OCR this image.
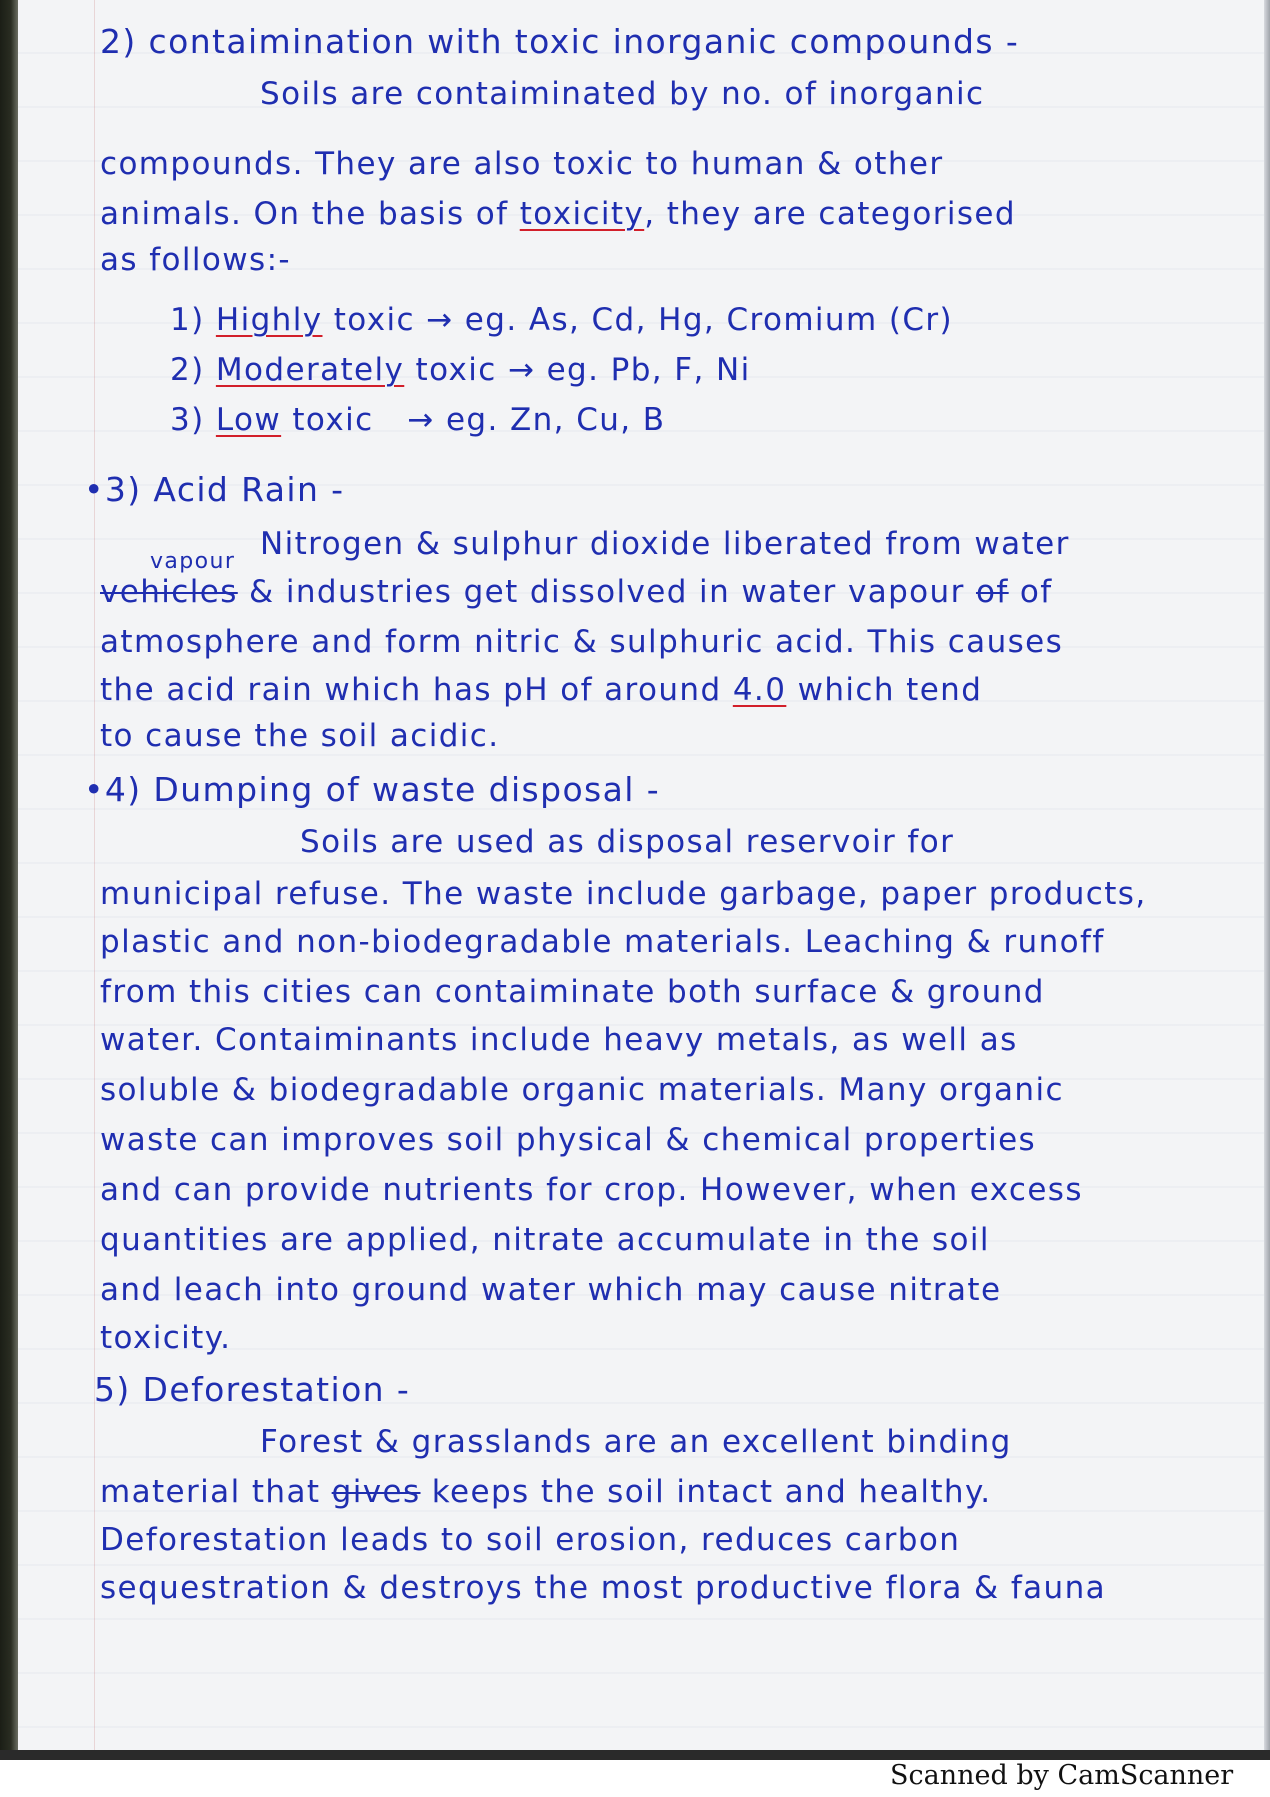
2) contaimination with toxic inorganic compounds -
Soils are contaiminated by no. of inorganic
compounds. They are also toxic to human & other
animals. On the basis of toxicity, they are categorised
as follows:-
1) Highly toxic → eg. As, Cd, Hg, Cromium (Cr)
2) Moderately toxic → eg. Pb, F, Ni
3) Low toxic   → eg. Zn, Cu, B
•3) Acid Rain -
Nitrogen & sulphur dioxide liberated from water
vapour
vehicles & industries get dissolved in water vapour of of
atmosphere and form nitric & sulphuric acid. This causes
the acid rain which has pH of around 4.0 which tend
to cause the soil acidic.
•4) Dumping of waste disposal -
Soils are used as disposal reservoir for
municipal refuse. The waste include garbage, paper products,
plastic and non-biodegradable materials. Leaching & runoff
from this cities can contaiminate both surface & ground
water. Contaiminants include heavy metals, as well as
soluble & biodegradable organic materials. Many organic
waste can improves soil physical & chemical properties
and can provide nutrients for crop. However, when excess
quantities are applied, nitrate accumulate in the soil
and leach into ground water which may cause nitrate
toxicity.
5) Deforestation -
Forest & grasslands are an excellent binding
material that gives keeps the soil intact and healthy.
Deforestation leads to soil erosion, reduces carbon
sequestration & destroys the most productive flora & fauna
Scanned by CamScanner
